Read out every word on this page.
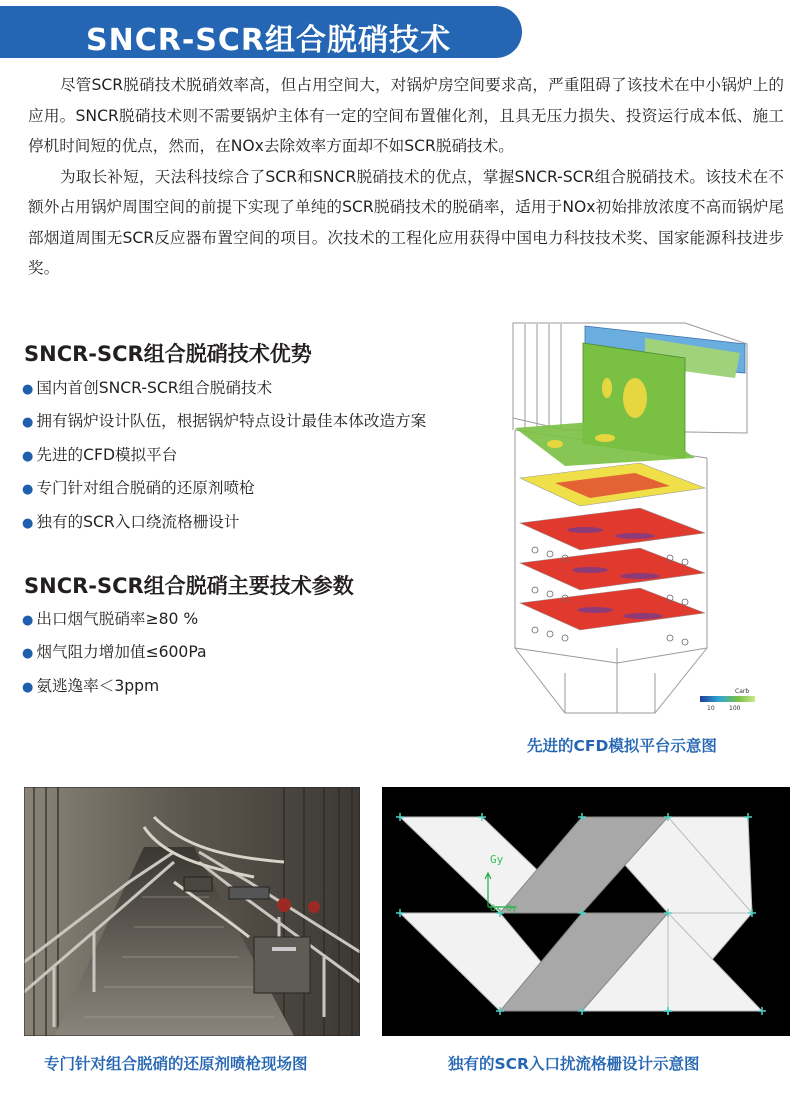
SNCR-SCR组合脱硝技术

尽管SCR脱硝技术脱硝效率高，但占用空间大，对锅炉房空间要求高，严重阻碍了该技术在中小锅炉上的应用。SNCR脱硝技术则不需要锅炉主体有一定的空间布置催化剂，且具无压力损失、投资运行成本低、施工停机时间短的优点，然而，在NOx去除效率方面却不如SCR脱硝技术。

为取长补短，天法科技综合了SCR和SNCR脱硝技术的优点，掌握SNCR-SCR组合脱硝技术。该技术在不额外占用锅炉周围空间的前提下实现了单纯的SCR脱硝技术的脱硝率，适用于NOx初始排放浓度不高而锅炉尾部烟道周围无SCR反应器布置空间的项目。次技术的工程化应用获得中国电力科技技术奖、国家能源科技进步奖。

SNCR-SCR组合脱硝技术优势
● 国内首创SNCR-SCR组合脱硝技术
● 拥有锅炉设计队伍，根据锅炉特点设计最佳本体改造方案
● 先进的CFD模拟平台
● 专门针对组合脱硝的还原剂喷枪
● 独有的SCR入口绕流格栅设计
SNCR-SCR组合脱硝主要技术参数
● 出口烟气脱硝率≥80 %
● 烟气阻力增加值≤600Pa
● 氨逃逸率＜3ppm	Carb
10 100
先进的CFD模拟平台示意图
专门针对组合脱硝的还原剂喷枪现场图
Gy
Gx Gy
独有的SCR入口扰流格栅设计示意图
